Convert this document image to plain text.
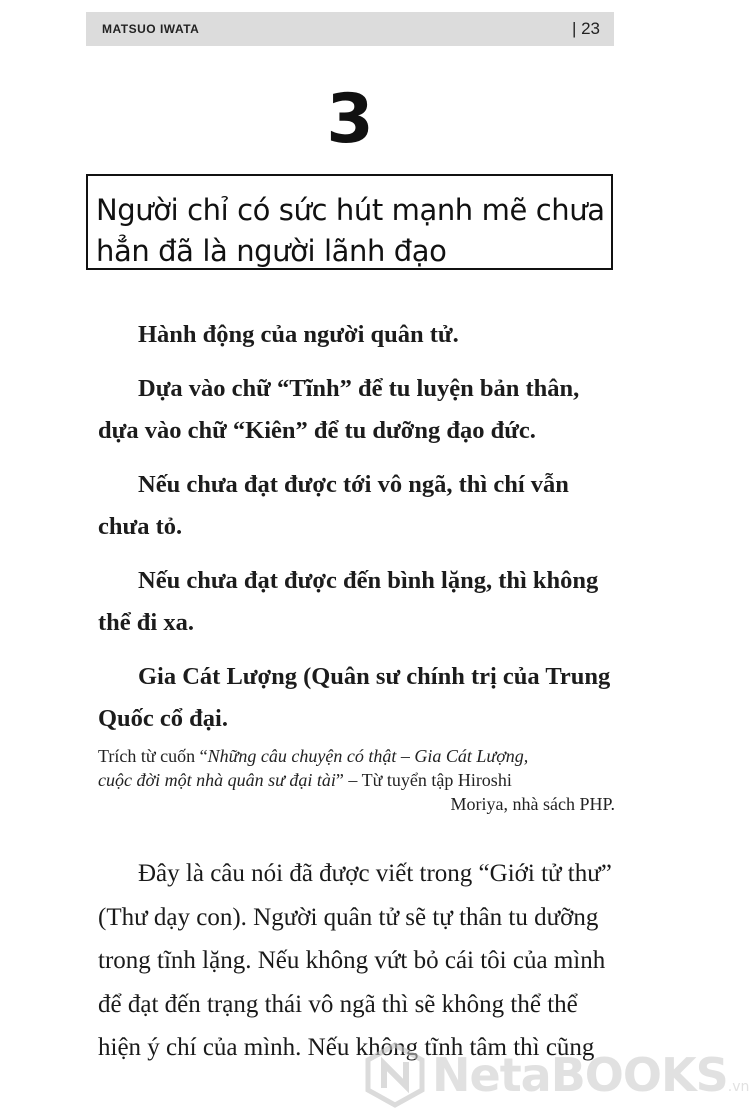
MATSUO IWATA	| 23
3
Người chỉ có sức hút mạnh mẽ chưa
hẳn đã là người lãnh đạo

Hành động của người quân tử.

Dựa vào chữ “Tĩnh” để tu luyện bản thân,
dựa vào chữ “Kiên” để tu dưỡng đạo đức.

Nếu chưa đạt được tới vô ngã, thì chí vẫn
chưa tỏ.

Nếu chưa đạt được đến bình lặng, thì không
thể đi xa.

Gia Cát Lượng (Quân sư chính trị của Trung
Quốc cổ đại.

Trích từ cuốn “Những câu chuyện có thật – Gia Cát Lượng,
cuộc đời một nhà quân sư đại tài” – Từ tuyển tập Hiroshi
Moriya, nhà sách PHP.
Đây là câu nói đã được viết trong “Giới tử thư”
(Thư dạy con). Người quân tử sẽ tự thân tu dưỡng
trong tĩnh lặng. Nếu không vứt bỏ cái tôi của mình
để đạt đến trạng thái vô ngã thì sẽ không thể thể
hiện ý chí của mình. Nếu không tĩnh tâm thì cũng
NetaBOOKS.vn
